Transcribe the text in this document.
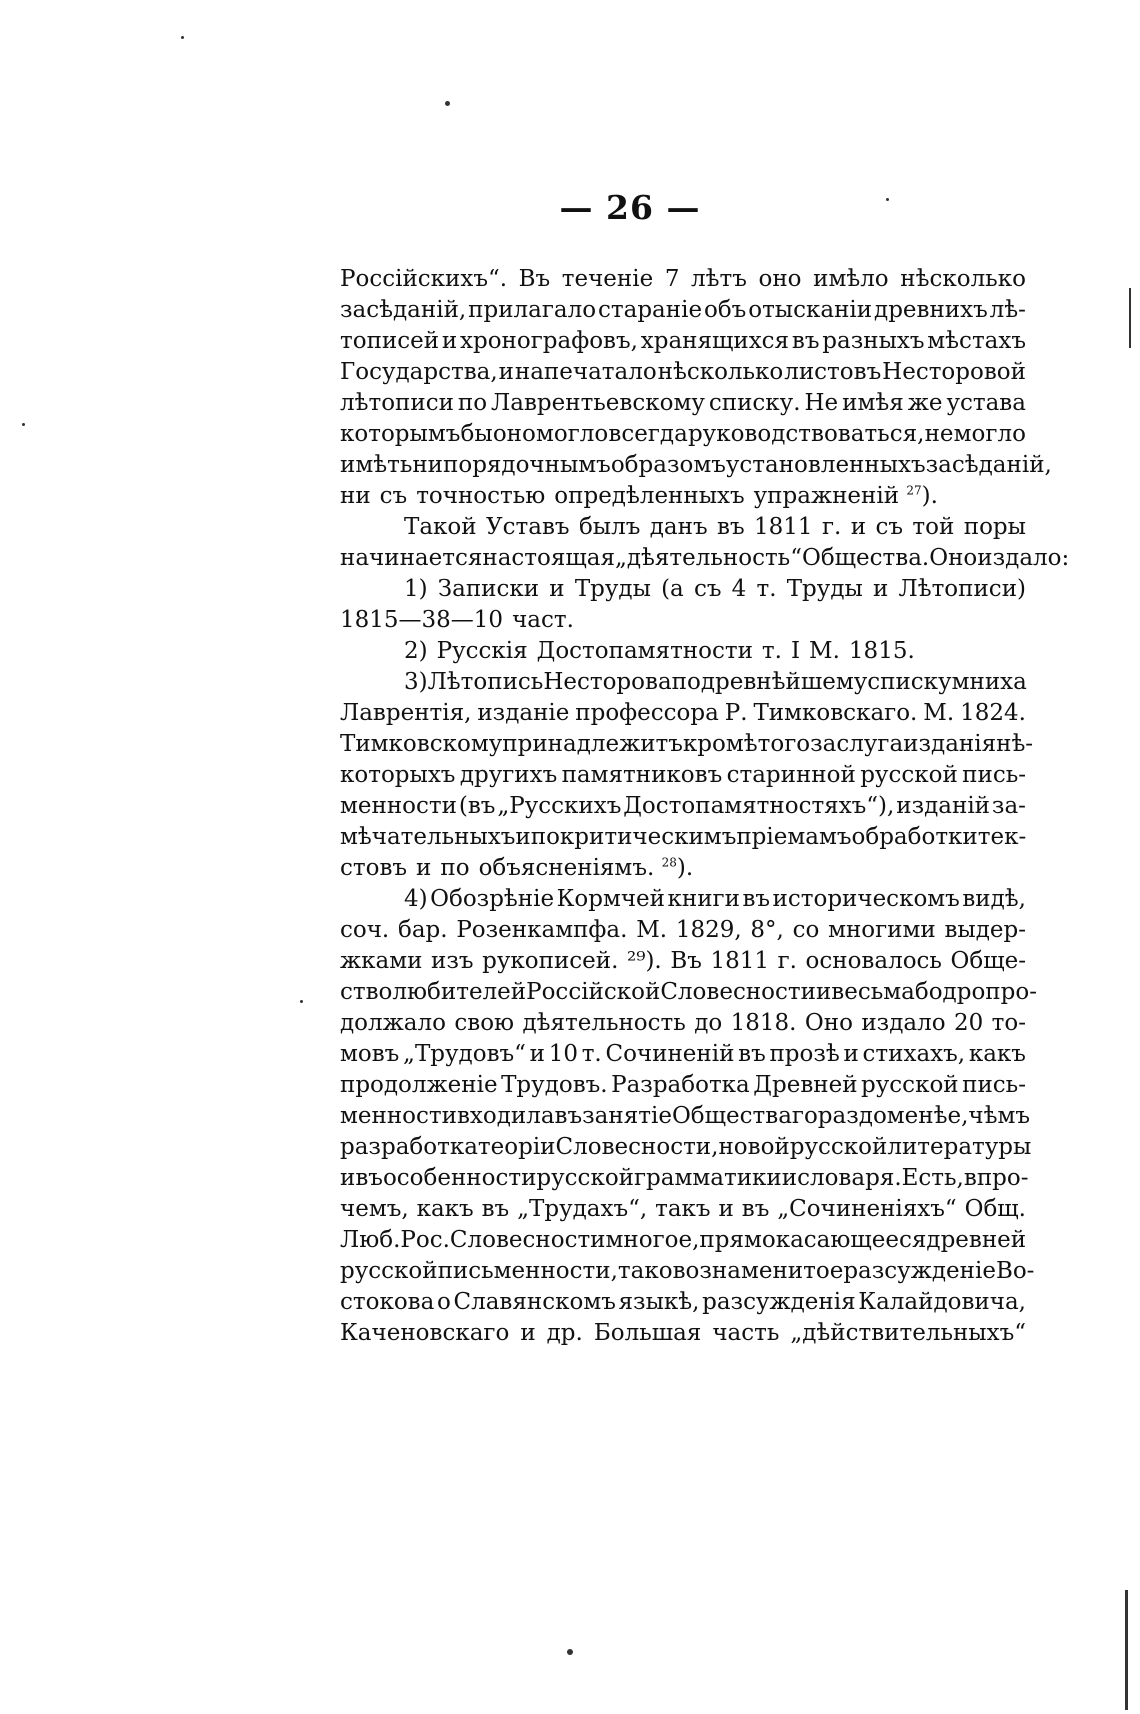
— 26 —
Россійскихъ“. Въ теченіе 7 лѣтъ оно имѣло нѣсколько
засѣданій, прилагало стараніе объ отысканіи древнихъ лѣ-
тописей и хронографовъ, хранящихся въ разныхъ мѣстахъ
Государства, и напечатало нѣсколько листовъ Несторовой
лѣтописи по Лаврентьевскому списку. Не имѣя же устава
которымъ бы оно могло всегда руководствоваться, не могло
имѣть ни порядочнымъ образомъ установленныхъ засѣданій,
ни съ точностью опредѣленныхъ упражненій $^{27}$).
Такой Уставъ былъ данъ въ 1811 г. и съ той поры
начинается настоящая „дѣятельность“ Общества. Оно издало:
1) Записки и Труды (а съ 4 т. Труды и Лѣтописи)
1815—38—10 част.
2) Русскія Достопамятности т. I М. 1815.
3) Лѣтопись Несторова по древнѣйшему списку мниха
Лаврентія, изданіе профессора Р. Тимковскаго. М. 1824.
Тимковскому принадлежитъ кромѣ того заслуга изданія нѣ-
которыхъ другихъ памятниковъ старинной русской пись-
менности (въ „Русскихъ Достопамятностяхъ“), изданій за-
мѣчательныхъ и по критическимъ пріемамъ обработки тек-
стовъ и по объясненіямъ. $^{28}$).
4) Обозрѣніе Кормчей книги въ историческомъ видѣ,
соч. бар. Розенкампфа. М. 1829, 8°, со многими выдер-
жками изъ рукописей. ²⁹). Въ 1811 г. основалось Обще-
ство любителей Россійской Словесности и весьма бодро про-
должало свою дѣятельность до 1818. Оно издало 20 то-
мовъ „Трудовъ“ и 10 т. Сочиненій въ прозѣ и стихахъ, какъ
продолженіе Трудовъ. Разработка Древней русской пись-
менности входила въ занятіе Общества гораздо менѣе, чѣмъ
разработка теоріи Словесности, новой русской литературы
и въ особенности русской грамматики и словаря. Есть, впро-
чемъ, какъ въ „Трудахъ“, такъ и въ „Сочиненіяхъ“ Общ.
Люб. Рос. Словесности многое, прямо касающееся древней
русской письменности, таково знаменитое разсужденіе Во-
стокова о Славянскомъ языкѣ, разсужденія Калайдовича,
Каченовскаго и др. Большая часть „дѣйствительныхъ“
